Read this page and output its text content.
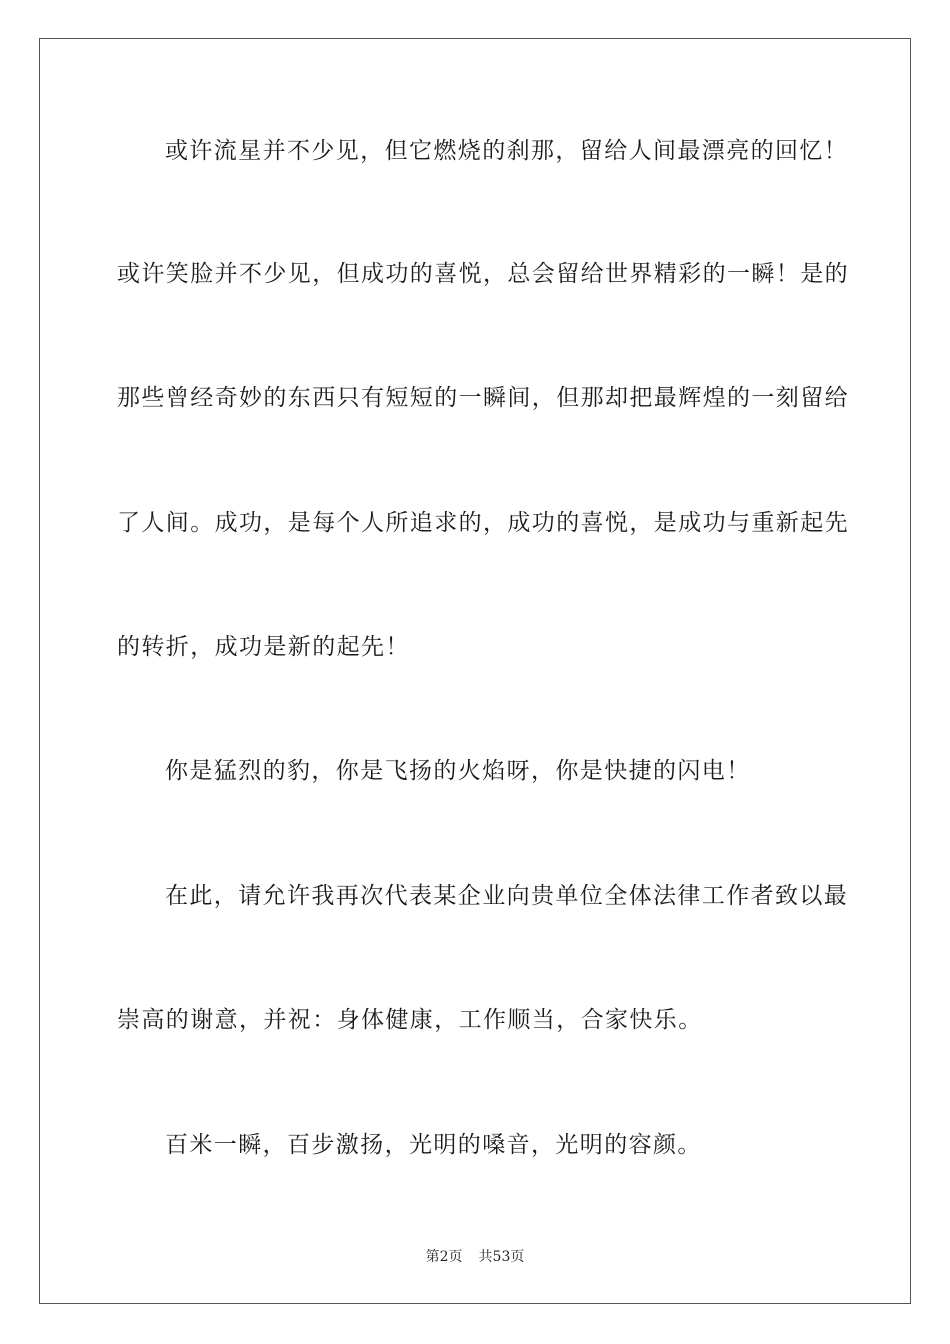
或许流星并不少见，但它燃烧的刹那，留给人间最漂亮的回忆！
或许笑脸并不少见，但成功的喜悦，总会留给世界精彩的一瞬！是的
那些曾经奇妙的东西只有短短的一瞬间，但那却把最辉煌的一刻留给
了人间。成功，是每个人所追求的，成功的喜悦，是成功与重新起先
的转折，成功是新的起先！
你是猛烈的豹，你是飞扬的火焰呀，你是快捷的闪电！
在此，请允许我再次代表某企业向贵单位全体法律工作者致以最
崇高的谢意，并祝：身体健康，工作顺当，合家快乐。
百米一瞬，百步激扬，光明的嗓音，光明的容颜。
第2页 共53页
